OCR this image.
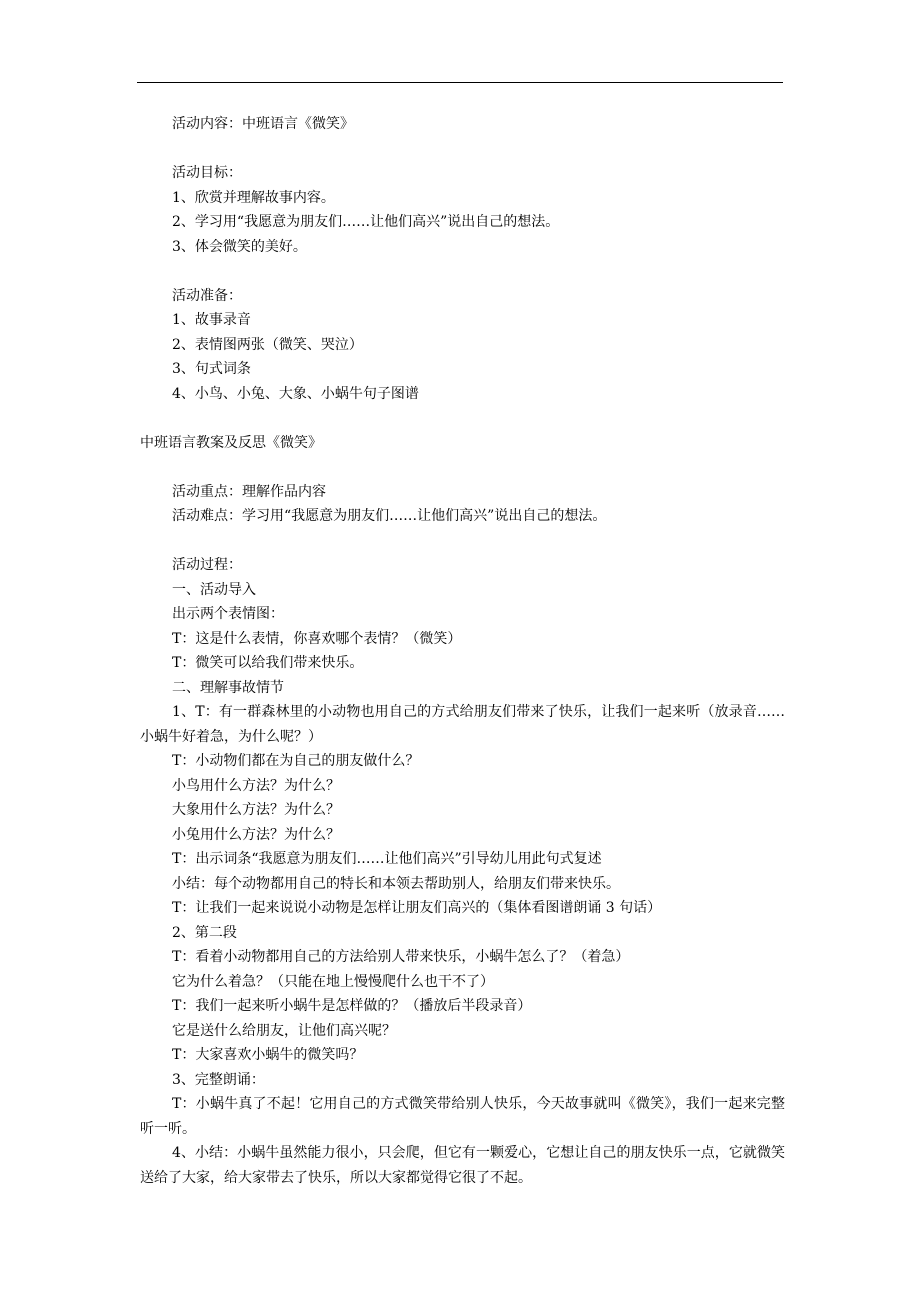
活动内容：中班语言《微笑》
活动目标：
1、欣赏并理解故事内容。
2、学习用“我愿意为朋友们……让他们高兴”说出自己的想法。
3、体会微笑的美好。
活动准备：
1、故事录音
2、表情图两张（微笑、哭泣）
3、句式词条
4、小鸟、小兔、大象、小蜗牛句子图谱
中班语言教案及反思《微笑》
活动重点：理解作品内容
活动难点：学习用“我愿意为朋友们……让他们高兴”说出自己的想法。
活动过程：
一、活动导入
出示两个表情图：
T：这是什么表情，你喜欢哪个表情？（微笑）
T：微笑可以给我们带来快乐。
二、理解事故情节
1、T：有一群森林里的小动物也用自己的方式给朋友们带来了快乐，让我们一起来听（放录音……小蜗牛好着急，为什么呢？）
T：小动物们都在为自己的朋友做什么？
小鸟用什么方法？为什么？
大象用什么方法？为什么？
小兔用什么方法？为什么？
T：出示词条“我愿意为朋友们……让他们高兴”引导幼儿用此句式复述
小结：每个动物都用自己的特长和本领去帮助别人，给朋友们带来快乐。
T：让我们一起来说说小动物是怎样让朋友们高兴的（集体看图谱朗诵 3 句话）
2、第二段
T：看着小动物都用自己的方法给别人带来快乐，小蜗牛怎么了？（着急）
它为什么着急？（只能在地上慢慢爬什么也干不了）
T：我们一起来听小蜗牛是怎样做的？（播放后半段录音）
它是送什么给朋友，让他们高兴呢？
T：大家喜欢小蜗牛的微笑吗？
3、完整朗诵：
T：小蜗牛真了不起！它用自己的方式微笑带给别人快乐，今天故事就叫《微笑》，我们一起来完整听一听。
4、小结：小蜗牛虽然能力很小，只会爬，但它有一颗爱心，它想让自己的朋友快乐一点，它就微笑送给了大家，给大家带去了快乐，所以大家都觉得它很了不起。
